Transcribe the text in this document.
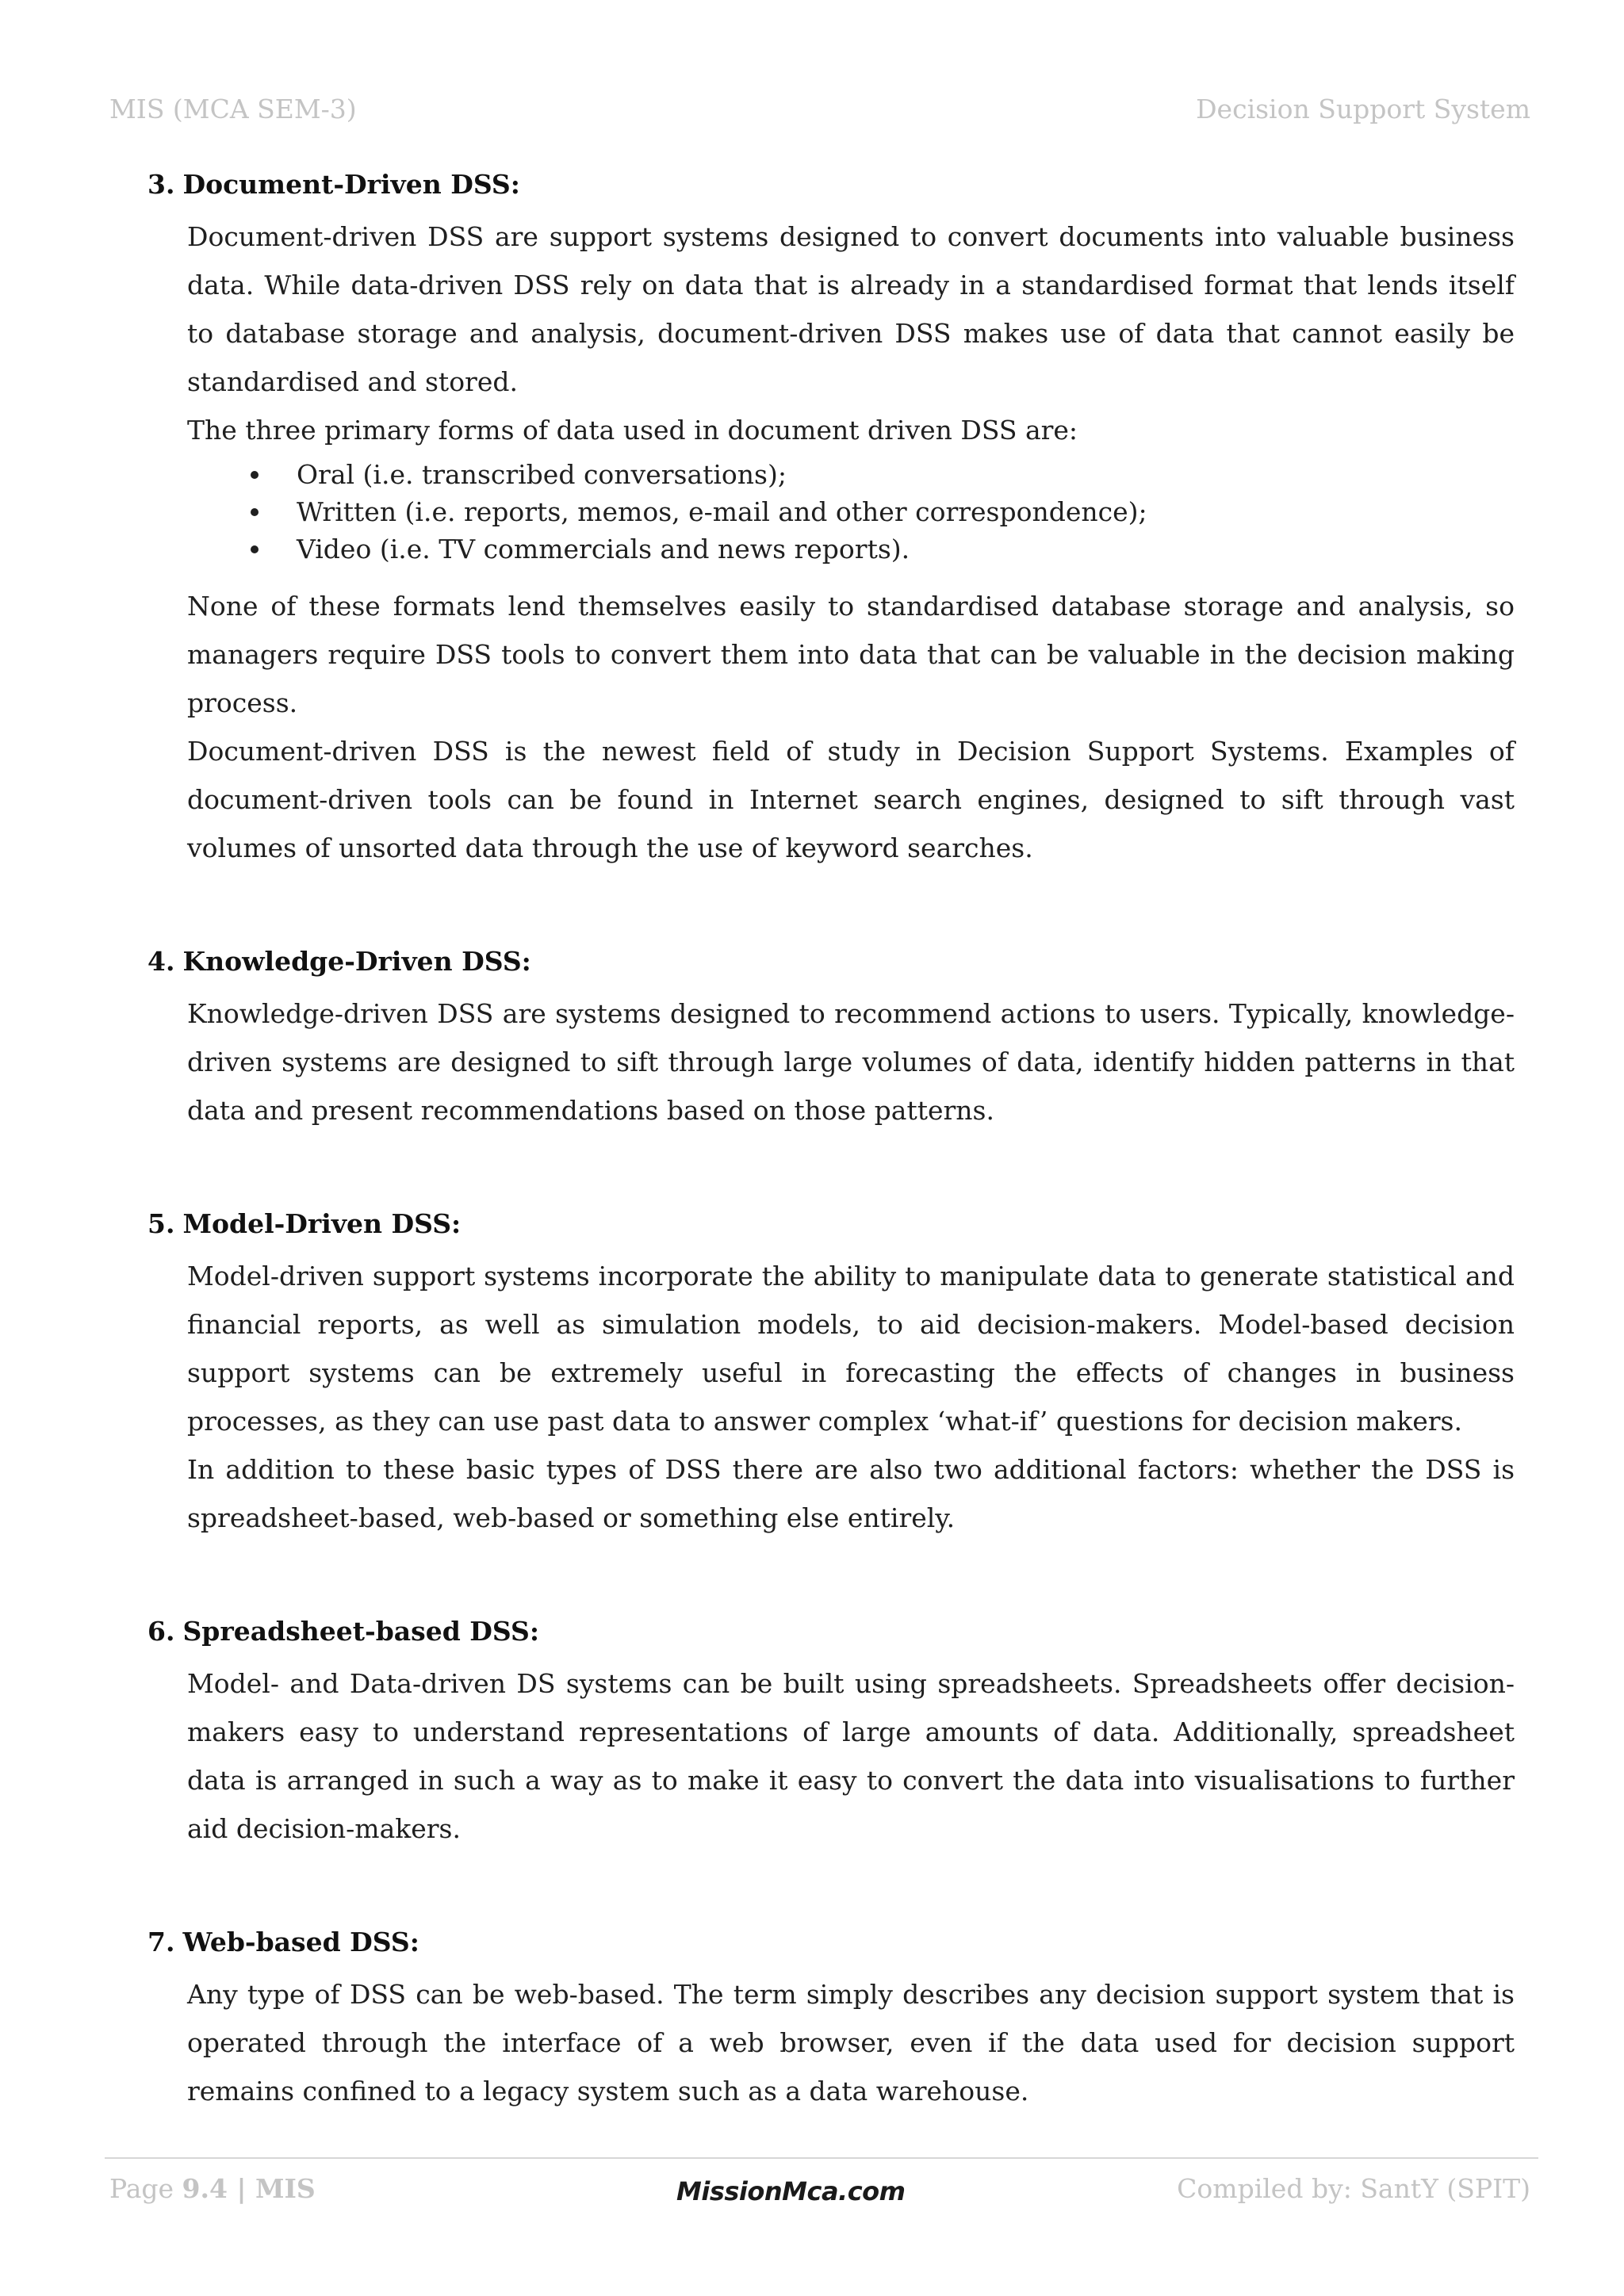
MIS (MCA SEM-3)	Decision Support System
3. Document-Driven DSS:

Document-driven DSS are support systems designed to convert documents into valuable business data. While data-driven DSS rely on data that is already in a standardised format that lends itself to database storage and analysis, document-driven DSS makes use of data that cannot easily be standardised and stored.

The three primary forms of data used in document driven DSS are:

Oral (i.e. transcribed conversations);
Written (i.e. reports, memos, e-mail and other correspondence);
Video (i.e. TV commercials and news reports).

None of these formats lend themselves easily to standardised database storage and analysis, so managers require DSS tools to convert them into data that can be valuable in the decision making process.

Document-driven DSS is the newest field of study in Decision Support Systems. Examples of document-driven tools can be found in Internet search engines, designed to sift through vast volumes of unsorted data through the use of keyword searches.

4. Knowledge-Driven DSS:

Knowledge-driven DSS are systems designed to recommend actions to users. Typically, knowledge-driven systems are designed to sift through large volumes of data, identify hidden patterns in that data and present recommendations based on those patterns.

5. Model-Driven DSS:

Model-driven support systems incorporate the ability to manipulate data to generate statistical and financial reports, as well as simulation models, to aid decision-makers. Model-based decision support systems can be extremely useful in forecasting the effects of changes in business processes, as they can use past data to answer complex ‘what-if’ questions for decision makers.

In addition to these basic types of DSS there are also two additional factors: whether the DSS is spreadsheet-based, web-based or something else entirely.

6. Spreadsheet-based DSS:

Model- and Data-driven DS systems can be built using spreadsheets. Spreadsheets offer decision-makers easy to understand representations of large amounts of data. Additionally, spreadsheet data is arranged in such a way as to make it easy to convert the data into visualisations to further aid decision-makers.

7. Web-based DSS:

Any type of DSS can be web-based. The term simply describes any decision support system that is operated through the interface of a web browser, even if the data used for decision support remains confined to a legacy system such as a data warehouse.

Page 9.4 | MIS	MissionMca.com	Compiled by: SantY (SPIT)
